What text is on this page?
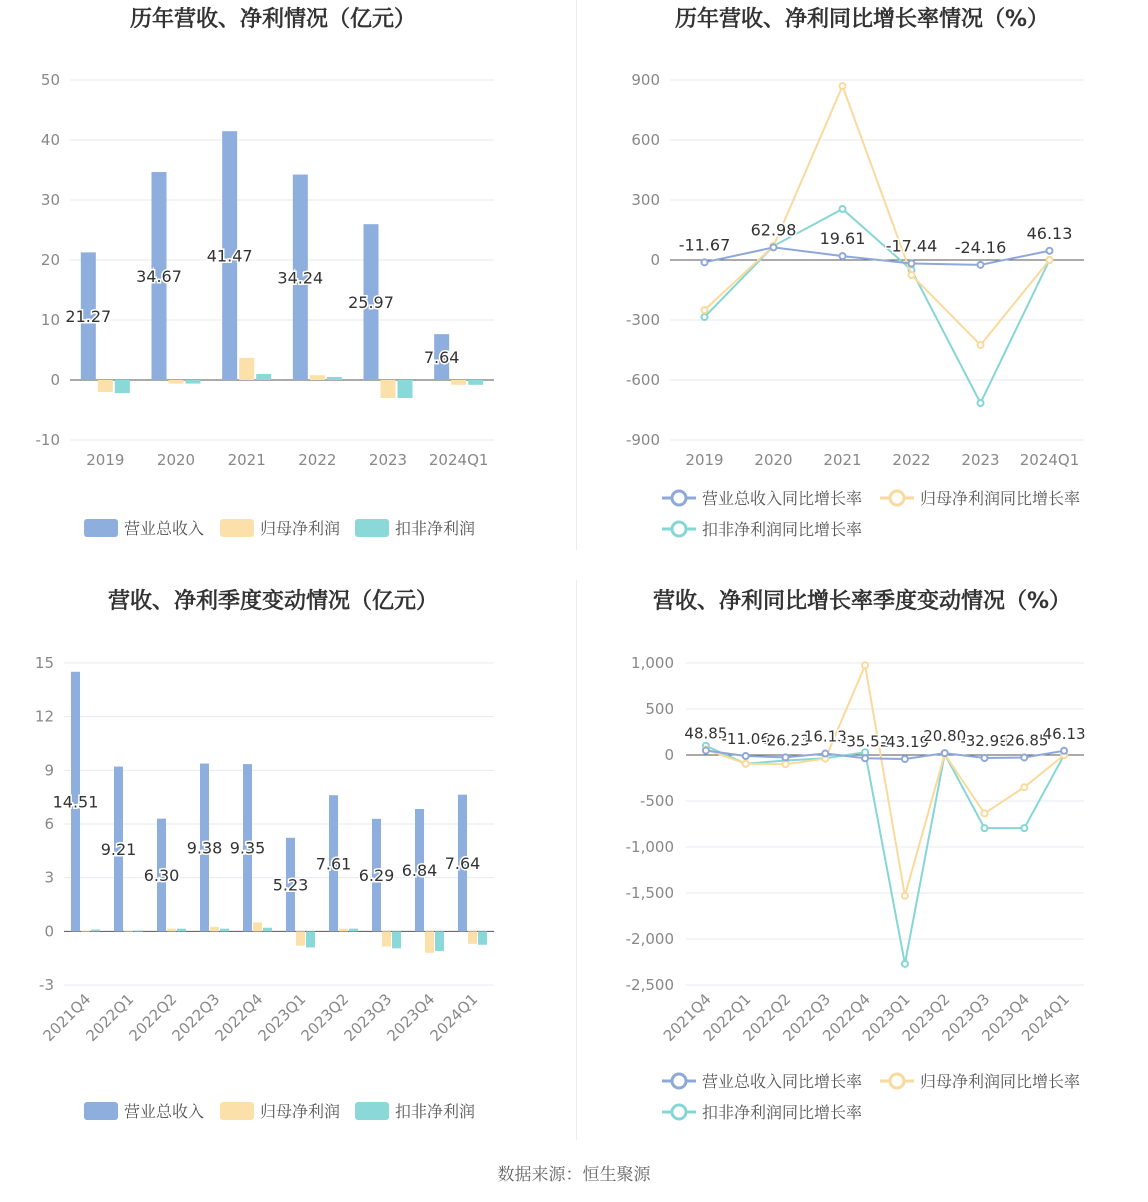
历年营收、净利情况（亿元）
50
40
30
20
10
0
-10
2019 2020 2021 2022 2023 2024Q1
21.27
34.67
41.47
34.24
25.97
7.64
营业总收入	归母净利润	扣非净利润
历年营收、净利同比增长率情况（%）
900
600
300
0
-300
-600
-900
2019 2020 2021 2022 2023 2024Q1
-11.67
62.98 19.61 -17.44 -24.16
46.13
营业总收入同比增长率	归母净利润同比增长率
扣非净利润同比增长率
营收、净利季度变动情况（亿元）
15
12
9
6
3
0
-3
2021Q4
2022Q1
2022Q2
2022Q3
2022Q4
2023Q1
2023Q2
2023Q3
2023Q4
2024Q1
14.51
9.21
6.30
9.38 9.35
5.23
7.61
6.29 6.84 7.64
营业总收入	归母净利润	扣非净利润
营收、净利同比增长率季度变动情况（%）
1,000
500
0
-500
-1,000
-1,500
-2,000
-2,500
2021Q4
2022Q1
2022Q2
2022Q3
2022Q4
2023Q1
2023Q2
2023Q3
2023Q4
2024Q1
48.85
-11.06
-26.23
16.13
-35.52
-43.19
20.80
-32.98
-26.85
46.13
营业总收入同比增长率	归母净利润同比增长率
扣非净利润同比增长率
数据来源：恒生聚源
